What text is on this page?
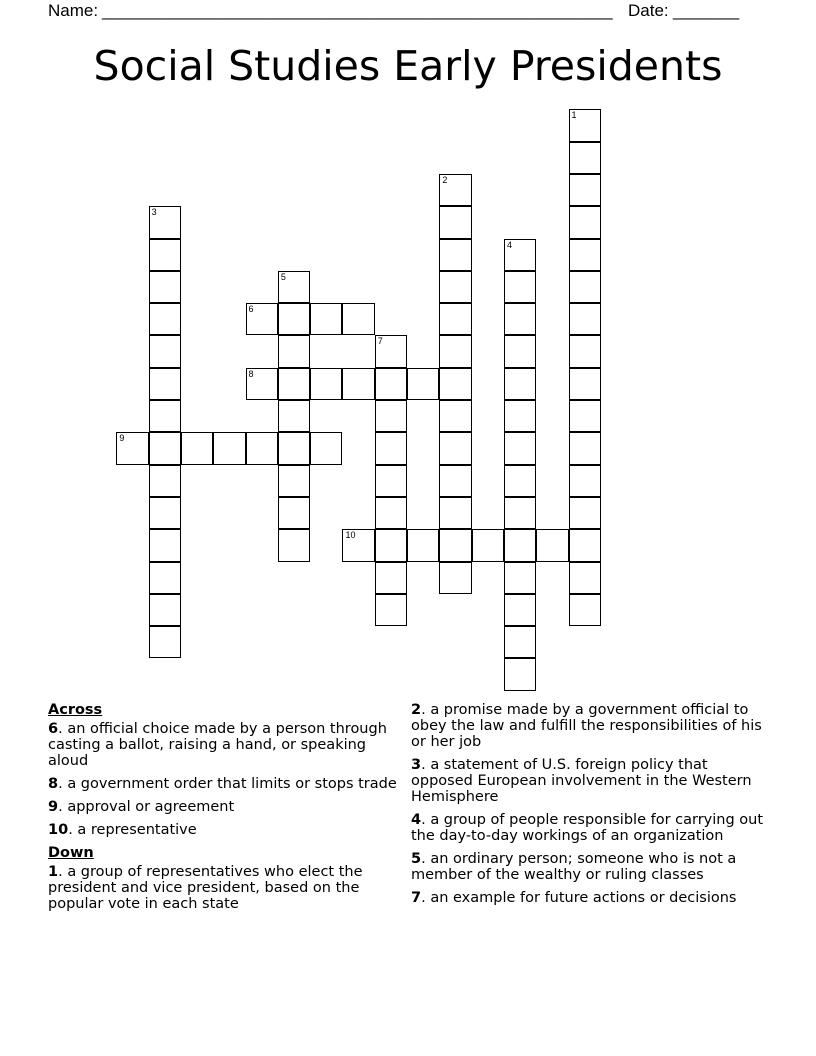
Name: ______________________________________________________ Date: _______
Social Studies Early Presidents
1
2
3
4
5
6
7
8
9
10
Across
6. an official choice made by a person through casting a ballot, raising a hand, or speaking aloud
8. a government order that limits or stops trade
9. approval or agreement
10. a representative
Down
1. a group of representatives who elect the president and vice president, based on the popular vote in each state
2. a promise made by a government official to obey the law and fulfill the responsibilities of his or her job
3. a statement of U.S. foreign policy that opposed European involvement in the Western Hemisphere
4. a group of people responsible for carrying out the day-to-day workings of an organization
5. an ordinary person; someone who is not a member of the wealthy or ruling classes
7. an example for future actions or decisions
